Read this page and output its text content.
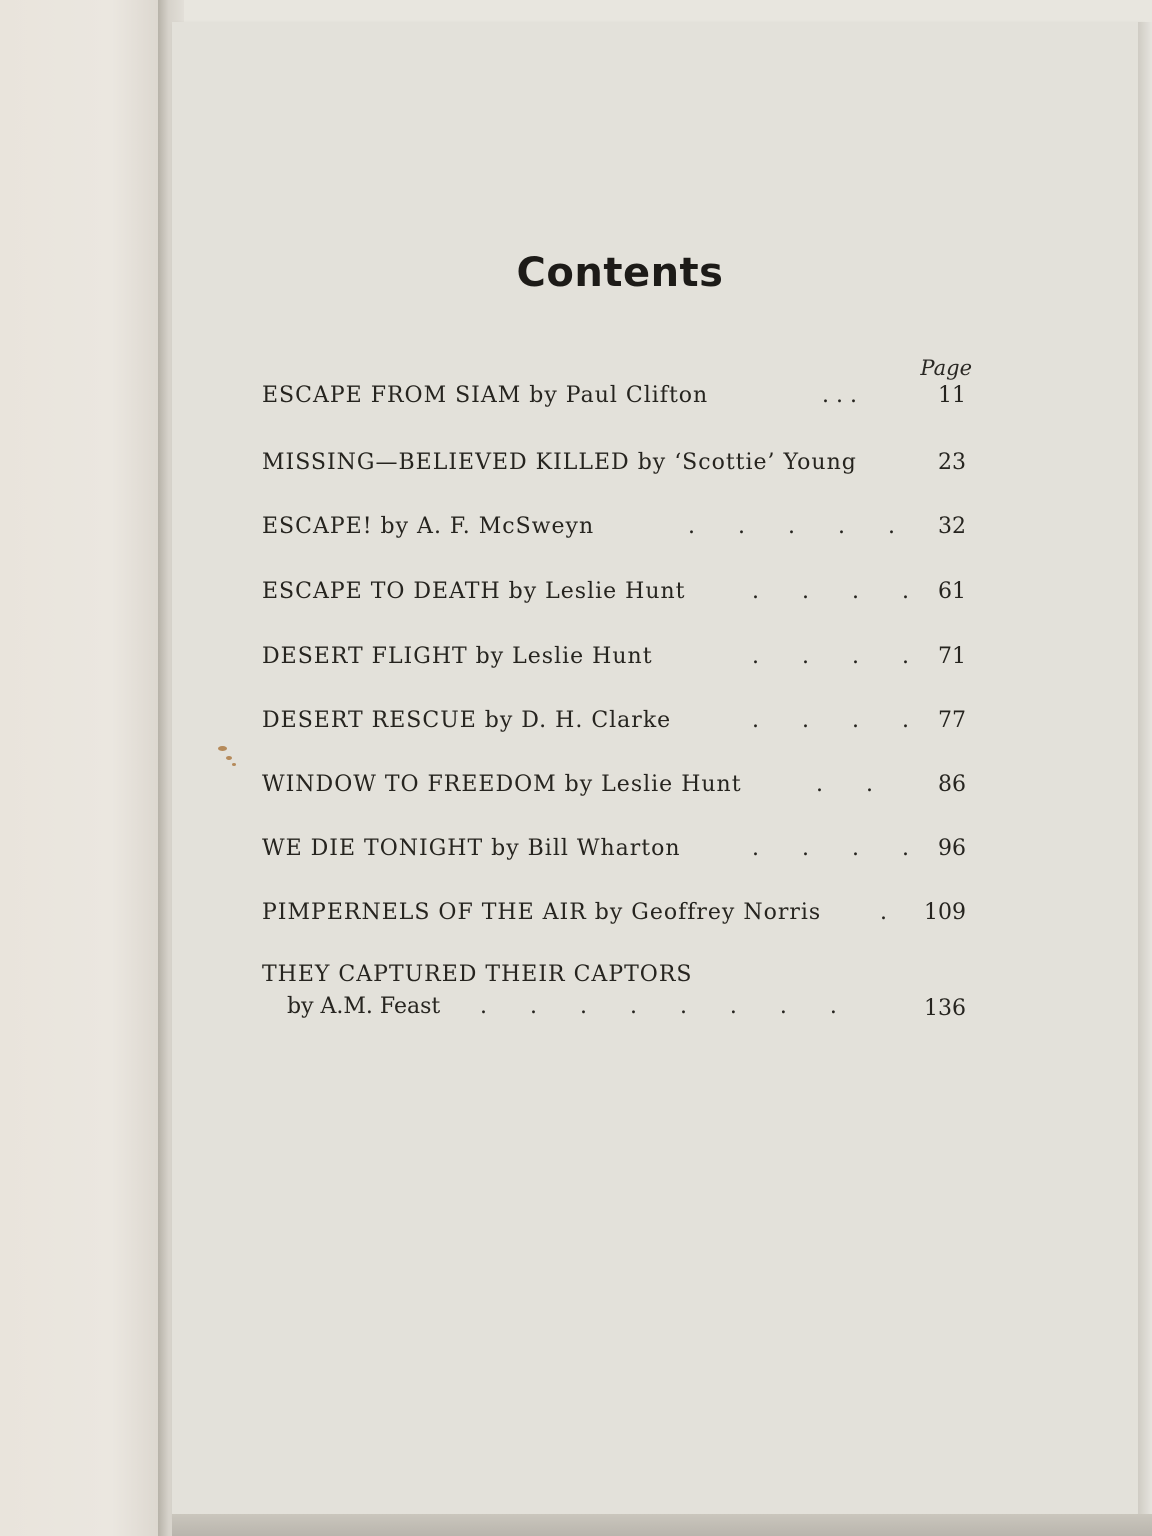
Contents
Page
ESCAPE FROM SIAM by Paul Clifton	. . .	11
MISSING—BELIEVED KILLED by ‘Scottie’ Young	23
ESCAPE! by A. F. McSweyn	. . . . .	32
ESCAPE TO DEATH by Leslie Hunt	. . . .	61
DESERT FLIGHT by Leslie Hunt	. . . .	71
DESERT RESCUE by D. H. Clarke	. . . .	77
WINDOW TO FREEDOM by Leslie Hunt	. .	86
WE DIE TONIGHT by Bill Wharton	. . . .	96
PIMPERNELS OF THE AIR by Geoffrey Norris	.	109
THEY CAPTURED THEIR CAPTORS
by A.M. Feast . . . . . . . .	136
